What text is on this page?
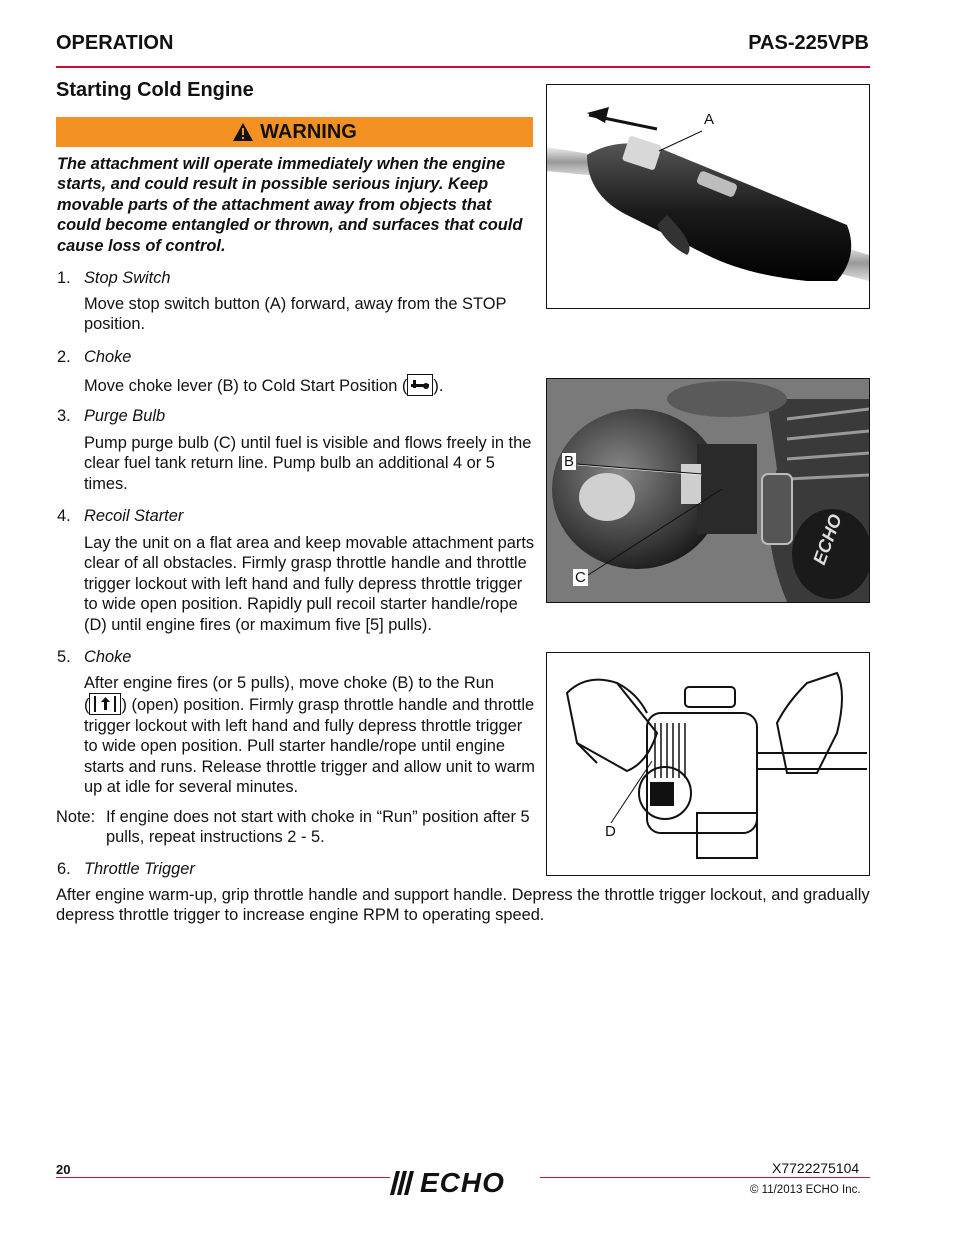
OPERATION	PAS-225VPB
Starting Cold Engine
WARNING
The attachment will operate immediately when the engine starts, and could result in possible serious injury. Keep movable parts of the attachment away from objects that could become entangled or thrown, and surfaces that could cause loss of control.
1. Stop Switch
Move stop switch button (A) forward, away from the STOP position.
2. Choke
Move choke lever (B) to Cold Start Position ( ).
3. Purge Bulb
Pump purge bulb (C) until fuel is visible and flows freely in the clear fuel tank return line. Pump bulb an additional 4 or 5 times.
4. Recoil Starter
Lay the unit on a flat area and keep movable attachment parts clear of all obstacles. Firmly grasp throttle handle and throttle trigger lockout with left hand and fully depress throttle trigger to wide open position. Rapidly pull recoil starter handle/rope (D) until engine fires (or maximum five [5] pulls).
5. Choke
After engine fires (or 5 pulls), move choke (B) to the Run
( ) (open) position. Firmly grasp throttle handle and throttle trigger lockout with left hand and fully depress throttle trigger to wide open position. Pull starter handle/rope until engine starts and runs. Release throttle trigger and allow unit to warm up at idle for several minutes.
Note: If engine does not start with choke in “Run” position after 5 pulls, repeat instructions 2 - 5.
6. Throttle Trigger
After engine warm-up, grip throttle handle and support handle. Depress the throttle trigger lockout, and gradually depress throttle trigger to increase engine RPM to operating speed.
A
ECHO
B
C
D
20	ECHO	X7722275104
© 11/2013 ECHO Inc.
